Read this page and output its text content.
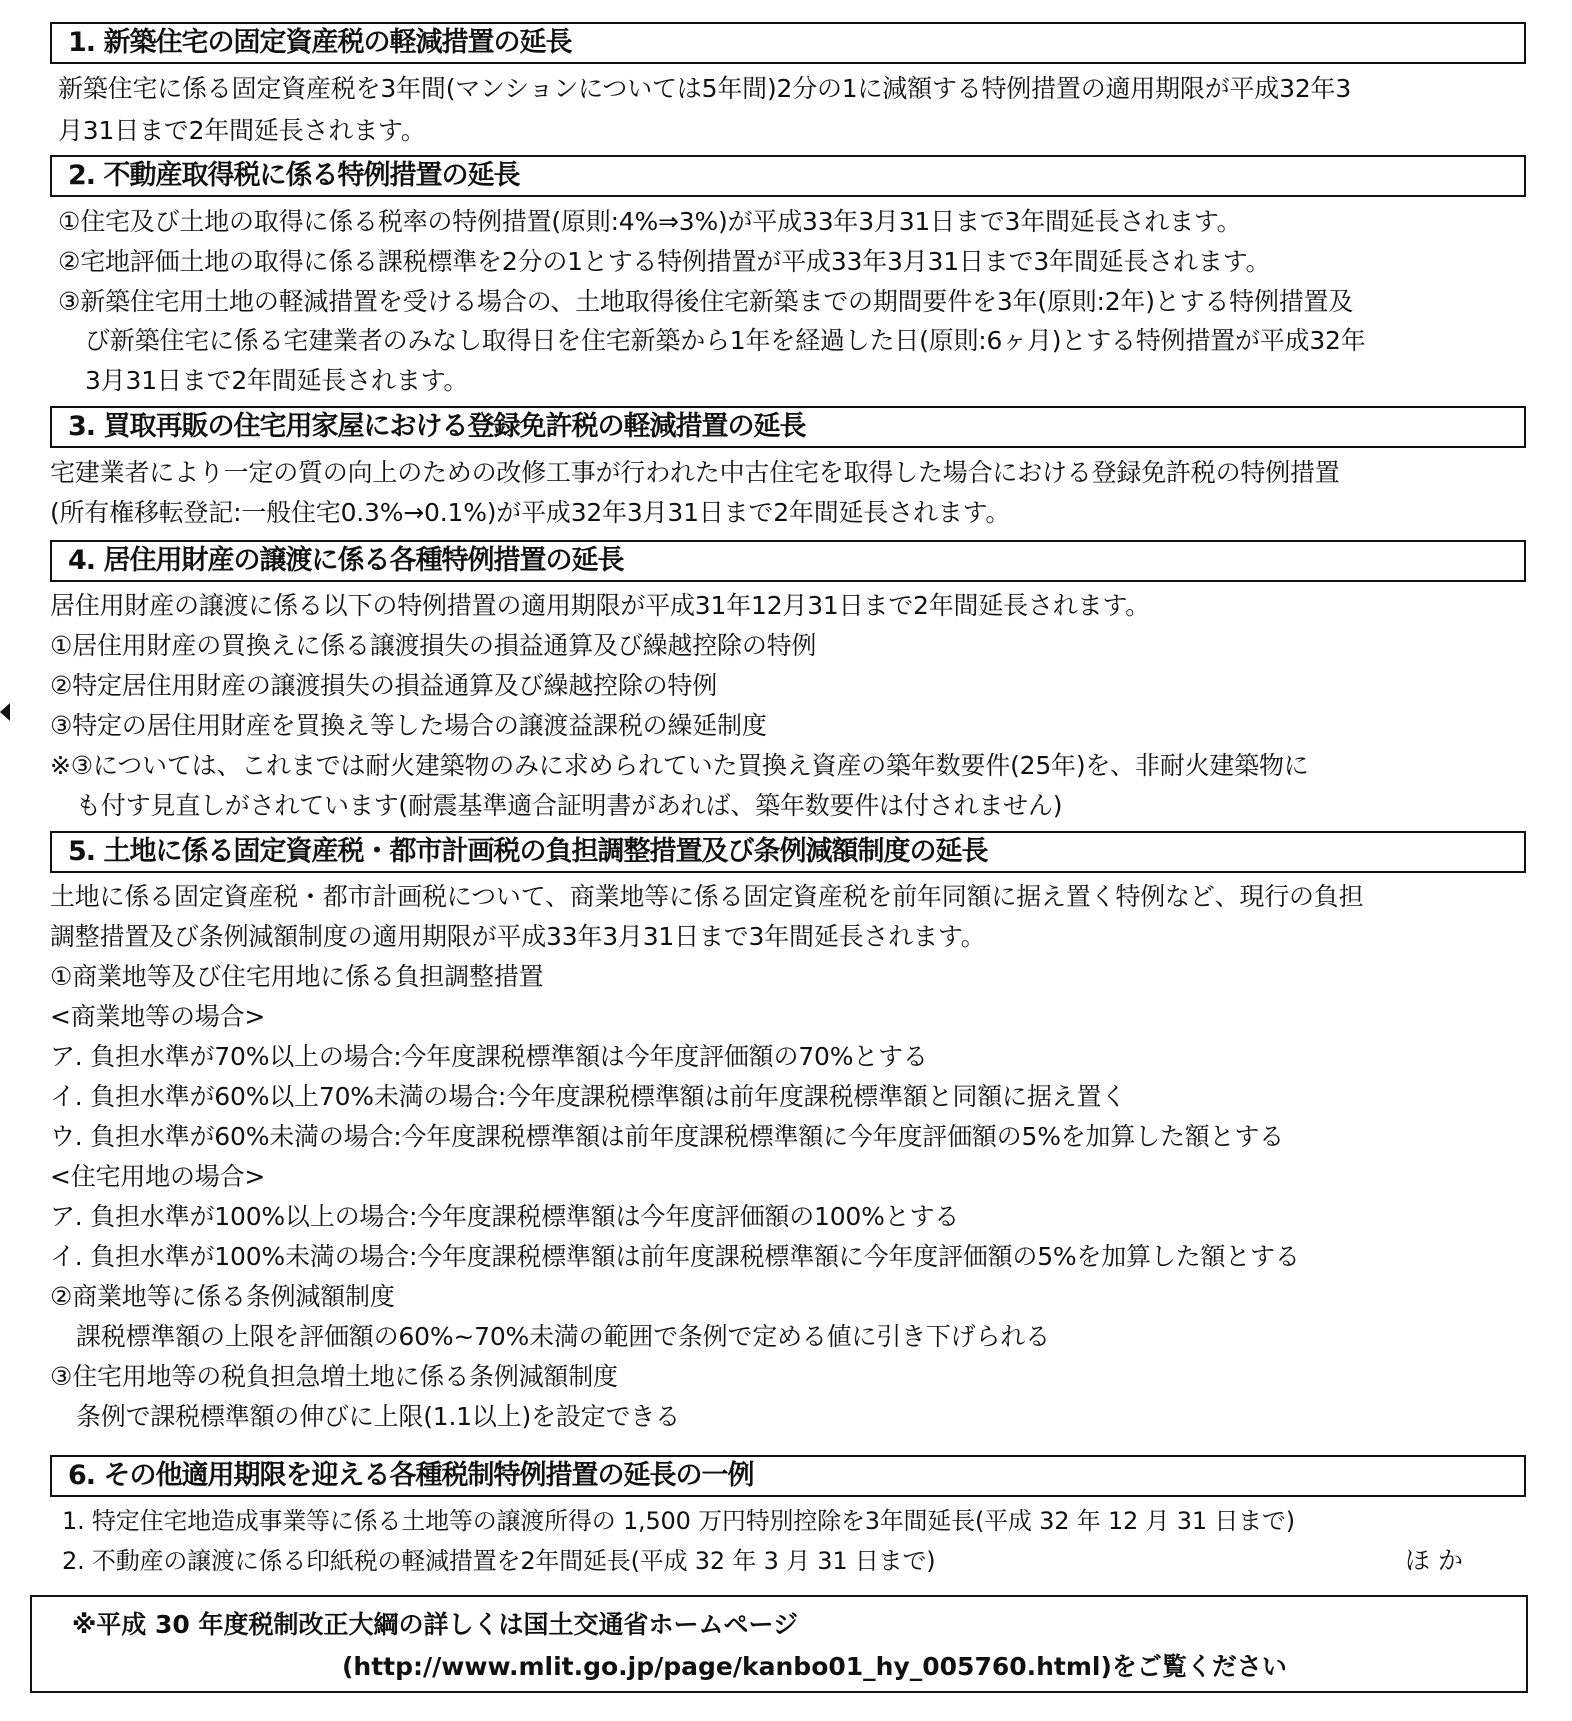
1. 新築住宅の固定資産税の軽減措置の延長
新築住宅に係る固定資産税を3年間(マンションについては5年間)2分の1に減額する特例措置の適用期限が平成32年3
月31日まで2年間延長されます。
2. 不動産取得税に係る特例措置の延長
①住宅及び土地の取得に係る税率の特例措置(原則:4%⇒3%)が平成33年3月31日まで3年間延長されます。
②宅地評価土地の取得に係る課税標準を2分の1とする特例措置が平成33年3月31日まで3年間延長されます。
③新築住宅用土地の軽減措置を受ける場合の、土地取得後住宅新築までの期間要件を3年(原則:2年)とする特例措置及
び新築住宅に係る宅建業者のみなし取得日を住宅新築から1年を経過した日(原則:6ヶ月)とする特例措置が平成32年
3月31日まで2年間延長されます。
3. 買取再販の住宅用家屋における登録免許税の軽減措置の延長
宅建業者により一定の質の向上のための改修工事が行われた中古住宅を取得した場合における登録免許税の特例措置
(所有権移転登記:一般住宅0.3%→0.1%)が平成32年3月31日まで2年間延長されます。
4. 居住用財産の譲渡に係る各種特例措置の延長
居住用財産の譲渡に係る以下の特例措置の適用期限が平成31年12月31日まで2年間延長されます。
①居住用財産の買換えに係る譲渡損失の損益通算及び繰越控除の特例
②特定居住用財産の譲渡損失の損益通算及び繰越控除の特例
③特定の居住用財産を買換え等した場合の譲渡益課税の繰延制度
※③については、これまでは耐火建築物のみに求められていた買換え資産の築年数要件(25年)を、非耐火建築物に
も付す見直しがされています(耐震基準適合証明書があれば、築年数要件は付されません)
5. 土地に係る固定資産税・都市計画税の負担調整措置及び条例減額制度の延長
土地に係る固定資産税・都市計画税について、商業地等に係る固定資産税を前年同額に据え置く特例など、現行の負担
調整措置及び条例減額制度の適用期限が平成33年3月31日まで3年間延長されます。
①商業地等及び住宅用地に係る負担調整措置
<商業地等の場合>
ア. 負担水準が70%以上の場合:今年度課税標準額は今年度評価額の70%とする
イ. 負担水準が60%以上70%未満の場合:今年度課税標準額は前年度課税標準額と同額に据え置く
ウ. 負担水準が60%未満の場合:今年度課税標準額は前年度課税標準額に今年度評価額の5%を加算した額とする
<住宅用地の場合>
ア. 負担水準が100%以上の場合:今年度課税標準額は今年度評価額の100%とする
イ. 負担水準が100%未満の場合:今年度課税標準額は前年度課税標準額に今年度評価額の5%を加算した額とする
②商業地等に係る条例減額制度
課税標準額の上限を評価額の60%~70%未満の範囲で条例で定める値に引き下げられる
③住宅用地等の税負担急増土地に係る条例減額制度
条例で課税標準額の伸びに上限(1.1以上)を設定できる
6. その他適用期限を迎える各種税制特例措置の延長の一例
1. 特定住宅地造成事業等に係る土地等の譲渡所得の 1,500 万円特別控除を3年間延長(平成 32 年 12 月 31 日まで)
2. 不動産の譲渡に係る印紙税の軽減措置を2年間延長(平成 32 年 3 月 31 日まで)	ほか
※平成 30 年度税制改正大綱の詳しくは国土交通省ホームページ
(http://www.mlit.go.jp/page/kanbo01_hy_005760.html)をご覧ください
